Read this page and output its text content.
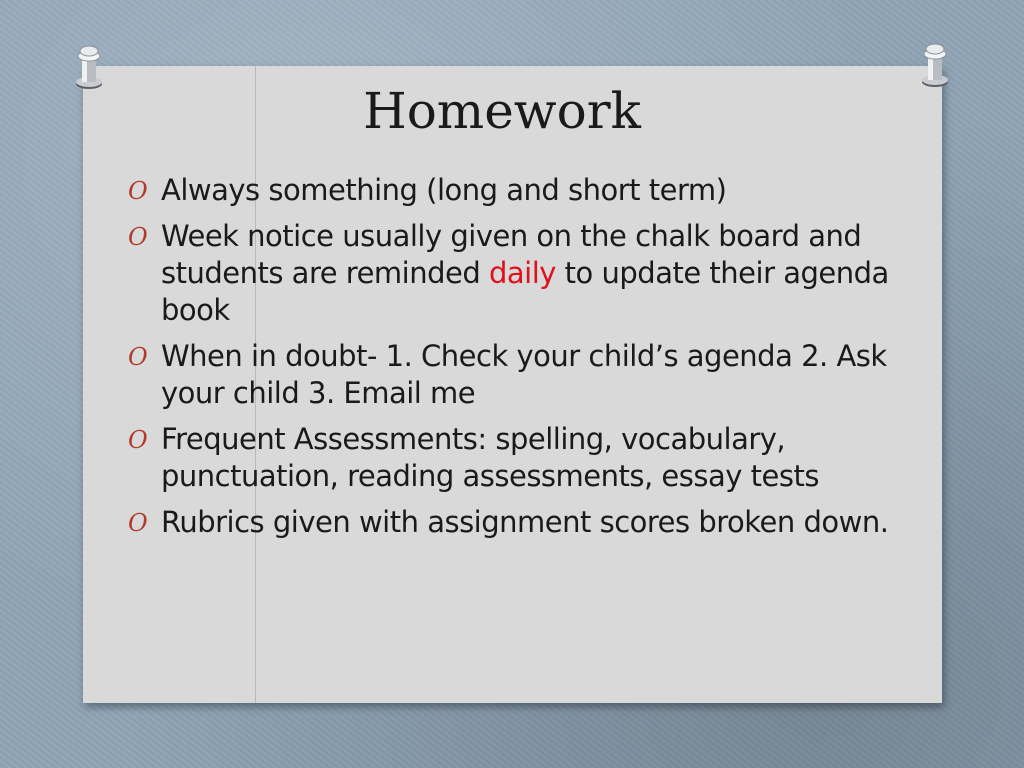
Homework
O Always something (long and short term)
O Week notice usually given on the chalk board and students are reminded daily to update their agenda book
O When in doubt- 1. Check your child’s agenda 2. Ask your child 3. Email me
O Frequent Assessments: spelling, vocabulary, punctuation, reading assessments, essay tests
O Rubrics given with assignment scores broken down.
